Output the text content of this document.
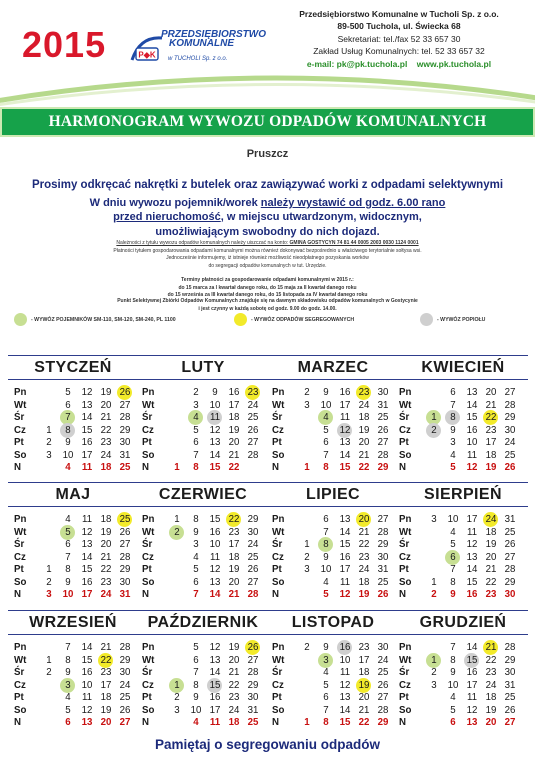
2015	P◆K
PRZEDSIĘBIORSTWO
KOMUNALNE
w TUCHOLI Sp. z o.o.
Przedsiębiorstwo Komunalne w Tucholi Sp. z o.o.
89-500 Tuchola, ul. Świecka 68
Sekretariat: tel./fax 52 33 657 30
Zakład Usług Komunalnych: tel. 52 33 657 32
e-mail: pk@pk.tuchola.pl www.pk.tuchola.pl
HARMONOGRAM WYWOZU ODPADÓW KOMUNALNYCH
Pruszcz
Prosimy odkręcać nakrętki z butelek oraz zawiązywać worki z odpadami selektywnymi
W dniu wywozu pojemnik/worek należy wystawić od godz. 6.00 rano
przed nieruchomość, w miejscu utwardzonym, widocznym,
umożliwiającym swobodny do nich dojazd.
Należności z tytułu wywozu odpadów komunalnych należy uiszczać na konto: GMINA GOSTYCYN 74 81 44 0005 2003 0030 1124 0001
Płatności tytułem gospodarowania odpadami komunalnymi można również dokonywać bezpośrednio u właściwego terytorialnie sołtysa wsi.
Jednocześnie informujemy, iż istnieje również możliwość nieodpłatnego pozyskania worków
do segregacji odpadów komunalnych w tut. Urzędzie.
Terminy płatności za gospodarowanie odpadami komunalnymi w 2015 r.:
do 15 marca za I kwartał danego roku, do 15 maja za II kwartał danego roku
do 15 września za III kwartał danego roku, do 15 listopada za IV kwartał danego roku
Punkt Selektywnej Zbiórki Odpadów Komunalnych znajduje się na dawnym składowisku odpadów komunalnych w Gostycynie
i jest czynny w każdą sobotę od godz. 9.00 do godz. 14.00.
- WYWÓZ POJEMNIKÓW SM-110, SM-120, SM-240, PL 1100	- WYWÓZ ODPADÓW SEGREGOWANYCH	- WYWÓZ POPIOŁU
STYCZEŃ	LUTY	MARZEC	KWIECIEŃ
Pn	5	12 19 26
Wt	6	13 20 27
Śr	7	14 21 28
Cz	1	8	15 22 29
Pt	2	9	16 23 30
So	3	10 17 24 31
N	4	11 18 25
Pn	2	9	16 23
Wt	3	10 17 24
Śr	4	11 18 25
Cz	5	12 19 26
Pt	6	13 20 27
So	7	14 21 28
N	1	8	15 22
Pn	2	9	16 23 30
Wt	3	10 17 24 31
Śr	4	11 18 25
Cz	5	12 19 26
Pt	6	13 20 27
So	7	14 21 28
N	1	8	15 22 29
Pn	6	13 20 27
Wt	7	14 21 28
Śr	1	8	15 22 29
Cz	2	9	16 23 30
Pt	3	10 17 24
So	4	11 18 25
N	5	12 19 26
MAJ	CZERWIEC	LIPIEC	SIERPIEŃ
Pn	4	11 18 25
Wt	5	12 19 26
Śr	6	13 20 27
Cz	7	14 21 28
Pt	1	8	15 22 29
So	2	9	16 23 30
N	3	10 17 24 31
Pn	1	8	15 22 29
Wt	2	9	16 23 30
Śr	3	10 17 24
Cz	4	11 18 25
Pt	5	12 19 26
So	6	13 20 27
N	7	14 21 28
Pn	6	13 20 27
Wt	7	14 21 28
Śr	1	8	15 22 29
Cz	2	9	16 23 30
Pt	3	10 17 24 31
So	4	11 18 25
N	5	12 19 26
Pn	3	10 17 24 31
Wt	4	11 18 25
Śr	5	12 19 26
Cz	6	13 20 27
Pt	7	14 21 28
So	1	8	15 22 29
N	2	9	16 23 30
WRZESIEŃ	PAŹDZIERNIK	LISTOPAD	GRUDZIEŃ
Pn	7	14 21 28
Wt	1	8	15 22 29
Śr	2	9	16 23 30
Cz	3	10 17 24
Pt	4	11 18 25
So	5	12 19 26
N	6	13 20 27
Pn	5	12 19 26
Wt	6	13 20 27
Śr	7	14 21 28
Cz	1	8	15 22 29
Pt	2	9	16 23 30
So	3	10 17 24 31
N	4	11 18 25
Pn	2	9	16 23 30
Wt	3	10 17 24
Śr	4	11 18 25
Cz	5	12 19 26
Pt	6	13 20 27
So	7	14 21 28
N	1	8	15 22 29
Pn	7	14 21 28
Wt	1	8	15 22 29
Śr	2	9	16 23 30
Cz	3	10 17 24 31
Pt	4	11 18 25
So	5	12 19 26
N	6	13 20 27
Pamiętaj o segregowaniu odpadów
